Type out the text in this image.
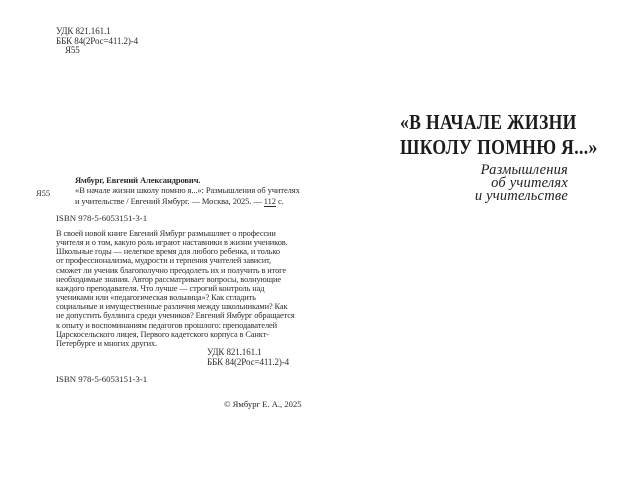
УДК 821.161.1
ББК 84(2Рос=411.2)-4
Я55
Я55
Ямбург, Евгений Александрович.
«В начале жизни школу помню я...»: Размышления об учителях
и учительстве / Евгений Ямбург. — Москва, 2025. — 112 с.
ISBN 978-5-6053151-3-1
В своей новой книге Евгений Ямбург размышляет о профессии
учителя и о том, какую роль играют наставники в жизни учеников.
Школьные годы — нелегкое время для любого ребенка, и только
от профессионализма, мудрости и терпения учителей зависит,
сможет ли ученик благополучно преодолеть их и получить в итоге
необходимые знания. Автор рассматривает вопросы, волнующие
каждого преподавателя. Что лучше — строгий контроль над
учениками или «педагогическая вольница»? Как сгладить
социальные и имущественные различия между школьниками? Как
не допустить буллинга среди учеников? Евгений Ямбург обращается
к опыту и воспоминаниям педагогов прошлого: преподавателей
Царскосельского лицея, Первого кадетского корпуса в Санкт-
Петербурге и многих других.
УДК 821.161.1
ББК 84(2Рос=411.2)-4
ISBN 978-5-6053151-3-1
© Ямбург Е. А., 2025
«В НАЧАЛЕ ЖИЗНИ
ШКОЛУ ПОМНЮ Я...»
Размышления
об учителях
и учительстве
